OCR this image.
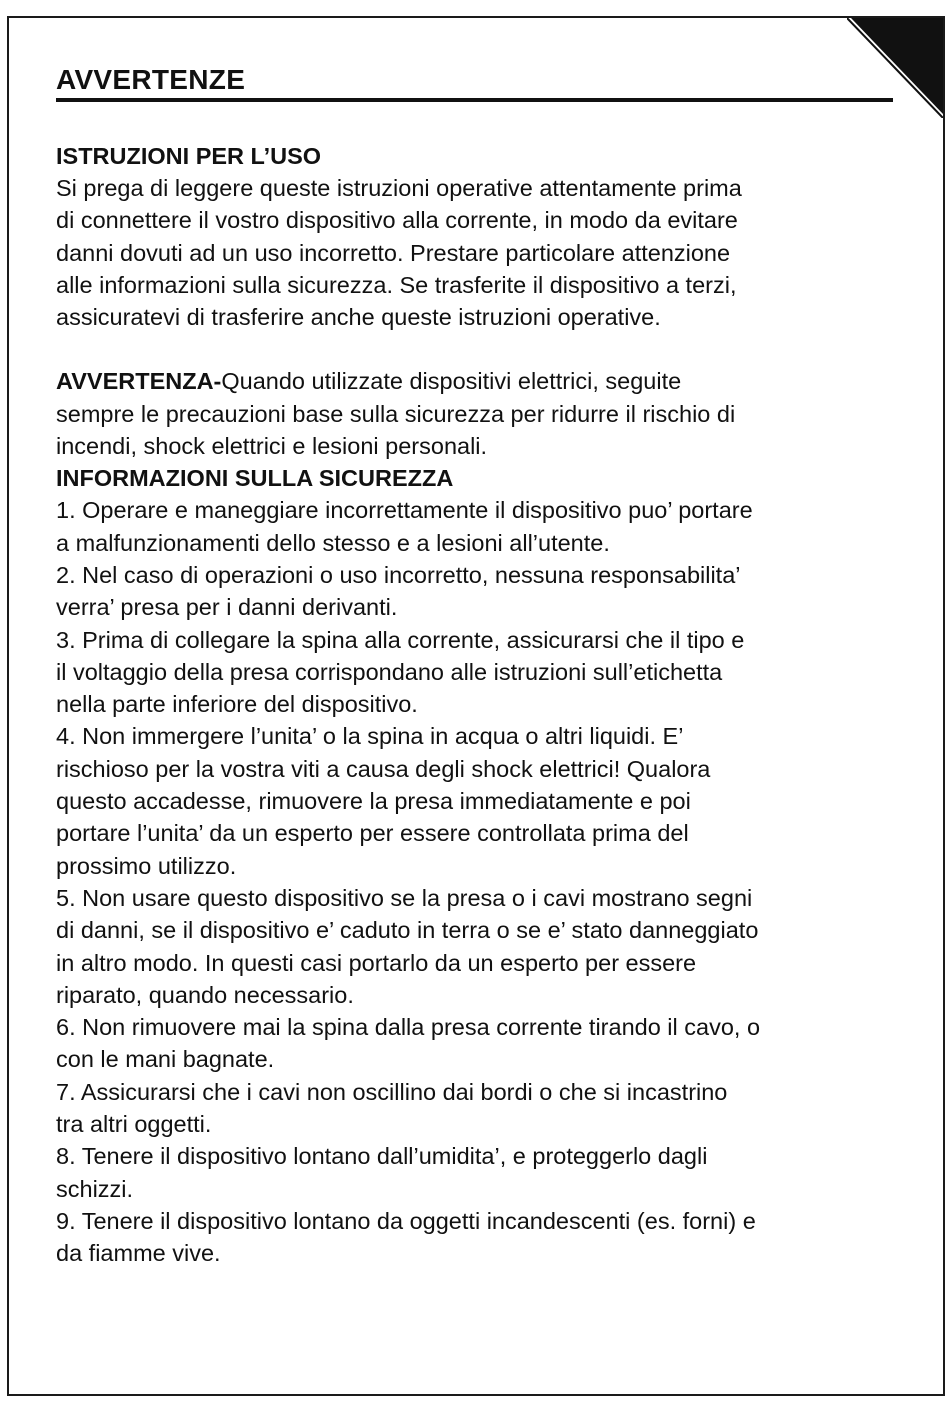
AVVERTENZE

ISTRUZIONI PER L’USO

Si prega di leggere queste istruzioni operative attentamente prima
di connettere il vostro dispositivo alla corrente, in modo da evitare
danni dovuti ad un uso incorretto. Prestare particolare attenzione
alle informazioni sulla sicurezza. Se trasferite il dispositivo a terzi,
assicuratevi di trasferire anche queste istruzioni operative.
AVVERTENZA-Quando utilizzate dispositivi elettrici, seguite
sempre le precauzioni base sulla sicurezza per ridurre il rischio di
incendi, shock elettrici e lesioni personali.

INFORMAZIONI SULLA SICUREZZA

1. Operare e maneggiare incorrettamente il dispositivo puo’ portare
a malfunzionamenti dello stesso e a lesioni all’utente.
2. Nel caso di operazioni o uso incorretto, nessuna responsabilita’
verra’ presa per i danni derivanti.
3. Prima di collegare la spina alla corrente, assicurarsi che il tipo e
il voltaggio della presa corrispondano alle istruzioni sull’etichetta
nella parte inferiore del dispositivo.
4. Non immergere l’unita’ o la spina in acqua o altri liquidi. E’
rischioso per la vostra viti a causa degli shock elettrici! Qualora
questo accadesse, rimuovere la presa immediatamente e poi
portare l’unita’ da un esperto per essere controllata prima del
prossimo utilizzo.
5. Non usare questo dispositivo se la presa o i cavi mostrano segni
di danni, se il dispositivo e’ caduto in terra o se e’ stato danneggiato
in altro modo. In questi casi portarlo da un esperto per essere
riparato, quando necessario.
6. Non rimuovere mai la spina dalla presa corrente tirando il cavo, o
con le mani bagnate.
7. Assicurarsi che i cavi non oscillino dai bordi o che si incastrino
tra altri oggetti.
8. Tenere il dispositivo lontano dall’umidita’, e proteggerlo dagli
schizzi.
9. Tenere il dispositivo lontano da oggetti incandescenti (es. forni) e
da fiamme vive.
